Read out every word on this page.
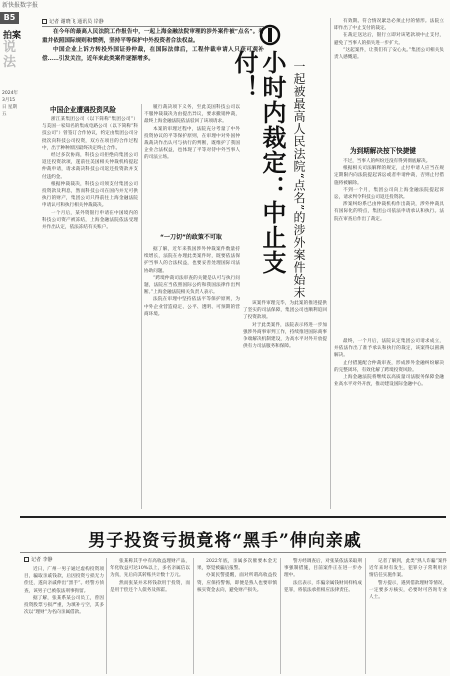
新快报数字报
B5
拍案
说法
2024年 3月15日 星期五
记者 谢晓飞 通讯员 岸静

在今年的最高人民法院工作报告中，一起上海金融法院审理的涉外案件被“点名”。着重并依照国际规则和惯例，坚持平等保护中外投资者合法权益。

中国企业上诉方转投外国证券仲裁，在国际法律后，工程仲裁申请人只获可观补偿……引发关注，近年来此类案件逐渐增多。	小时内裁定：中止支付！	一起被最高人民法院“点名”的涉外案件始末
中国企业遭遇投资风险

浙江某集团公司（以下简称“集团公司”）与美国一家知名的集成电路公司（以下简称“科技公司”）曾签订合作协议，约定由集团公司分批次向科技公司投资，双方在项目的合作过程中，出于种种原因最终决定终止合作。

经过多次协商，科技公司拒绝向集团公司返还投资款项，遂前往美国相关仲裁机构提起仲裁申请，请求裁决科技公司返还投资款并支付违约金。

根据仲裁裁决，科技公司须支付集团公司投资款及利息，然而科技公司在国内并无可供执行的财产，集团公司只得前往上海金融法院申请认可和执行相关仲裁裁决。

一个月后，某外资银行申请在中国境内的科技公司资产被冻结，上海金融法院依法受理并作出认定，依法冻结有关账户。

履行裁决项下义务，至此美国科技公司以不服仲裁裁决为由提出异议，要求撤销仲裁，最终上海金融法院依法驳回了该项请求。

本案的审理过程中，法院充分考量了中外投资协议的平等保护原则，在审理中对外国仲裁裁决作出认可与执行的判断，既维护了我国企业合法权益，也体现了平等对待中外当事人的司法立场。

“一刀切”的政策不可取

据了解，近年来我国涉外仲裁案件数量持续增长，法院在办理此类案件时，既要依法保护当事人的合法权益，也要妥善处理国际司法协助问题。

“跨境仲裁司法审查的关键是认可与执行问题，法院应当依照国际公约和我国法律作出判断。”上海金融法院相关负责人表示。

法院在审理中坚持依法平等保护原则，为中外企业营造稳定、公平、透明、可预期的营商环境。

该案件审理完毕，为此案的推进提供了坚实的司法保障，集团公司也顺利追回了投资款项。

对于此类案件，法院表示将进一步加强涉外商事审判工作，持续推进国际商事争端解决机制建设，为高水平对外开放提供有力司法服务和保障。

有效期。符合情况紧急必须止付的情形。法院立即作出了中止支付的裁定。

在裁定送达后，银行立即对该笔款项中止支付，避免了当事人的损失进一步扩大。

“这起案件，让我们有了安心丸。”集团公司相关负责人感慨道。

为到期解决按下快捷键

不过，当事人的纠纷还没有得到彻底解决。

根据相关司法解释的规定，止付申请人应当在规定期限内向法院提起诉讼或者申请仲裁，否则止付措施将被解除。

不到一个月，集团公司向上海金融法院提起诉讼，请求判令科技公司返还投资款。

涉案纠纷系已由仲裁机构作出裁决，涉外仲裁具有国际化的特点，集团公司依法申请承认和执行。法院在审查后作出了裁定。

最终，一个月后，法院认定集团公司请求成立，并依法作出了准予承认和执行的裁定，该案得以圆满解决。

止付措施配合仲裁审查，形成涉外金融纠纷解决的完整闭环，有效化解了跨境投资风险。

上海金融法院将继续以高质量司法服务保障金融业高水平对外开放，推动建设国际金融中心。

男子投资亏损竟将“黑手”伸向亲戚
记者 李静

近日，广州一男子通过虚构投资项目，骗取亲戚钱款，后因投资亏损无力偿还，遂向亲戚伸出“黑手”。经警方侦查，该男子已被依法刑事拘留。

据了解，张某系某公司员工，曾因投资股票亏损严重，为填补亏空，其多次以“理财”为名向亲属借款。

张某称其手中有高收益理财产品，年化收益可达10%以上，多名亲属信以为真，先后向其转账共计数十万元。

然而张某并未将钱款用于投资，而是用于偿还个人债务及挥霍。

2022年底，亲属多次催要本金无果，察觉被骗后报警。

办案民警提醒，面对所谓高收益投资，应保持警惕，即便是熟人也要审慎核实资金去向，避免财产损失。

警方经调查后，对张某依法采取刑事强制措施，目前案件正在进一步办理中。

法官表示，诈骗亲属钱财同样构成犯罪，将依法承担相应法律责任。

记者了解到，此类“熟人诈骗”案件近年来时有发生，犯罪分子常利用亲情信任实施作案。

警方提示，遇到借款理财等情况，一定要多方核实，必要时可咨询专业人士。
